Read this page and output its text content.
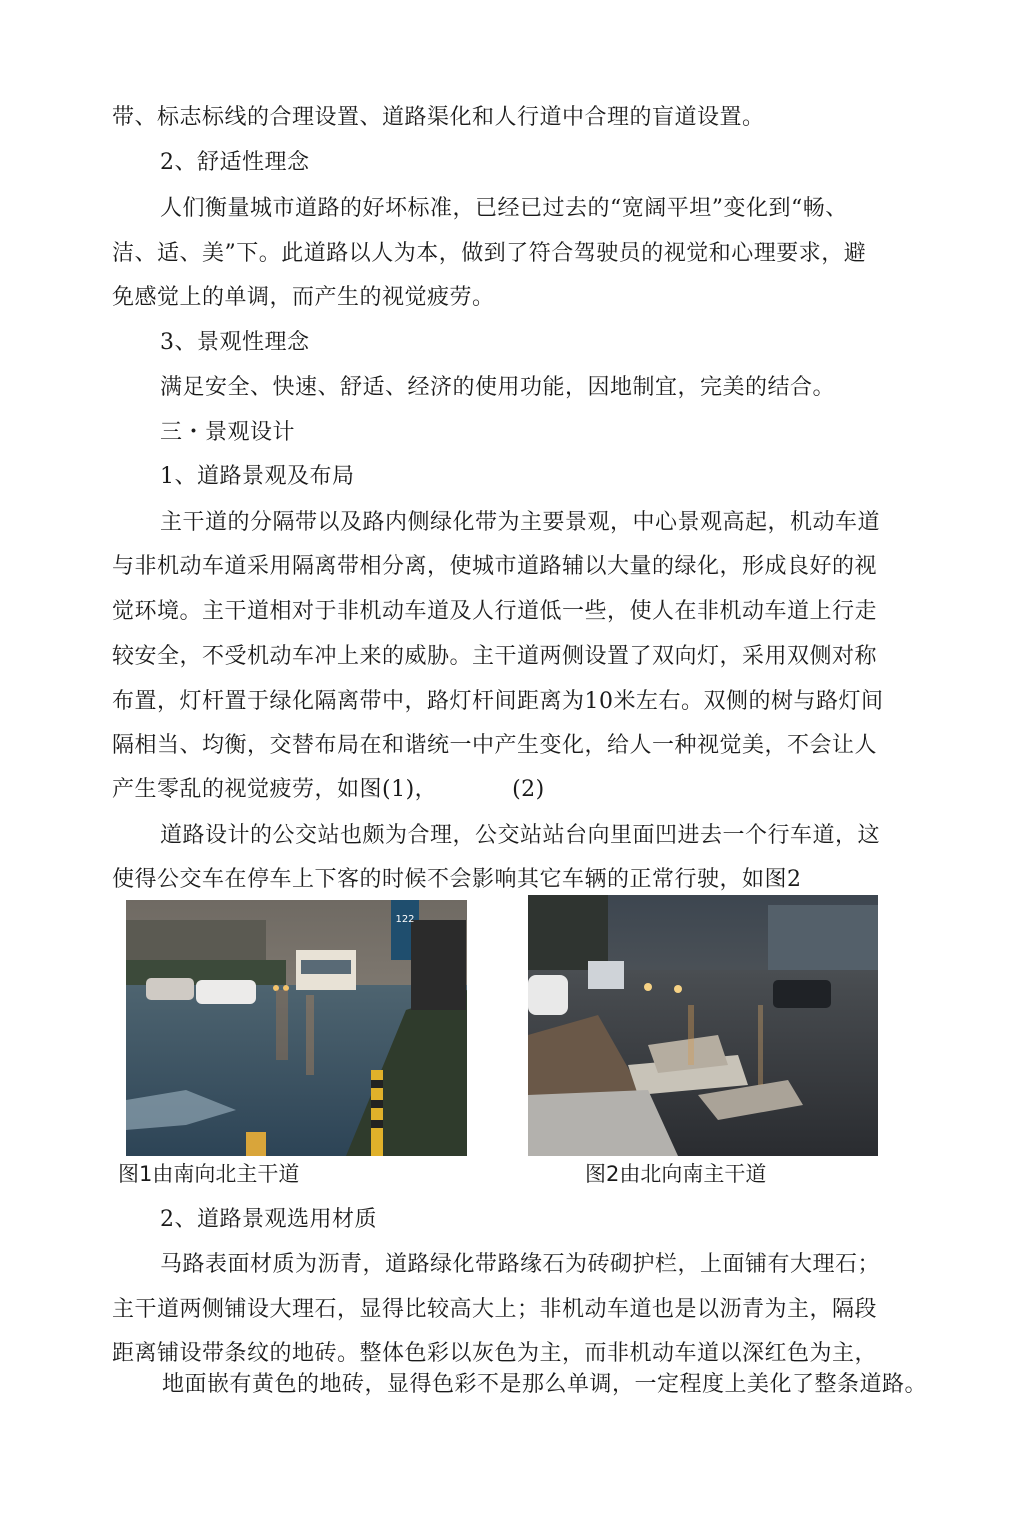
带、标志标线的合理设置、道路渠化和人行道中合理的盲道设置。
2、舒适性理念
人们衡量城市道路的好坏标准，已经已过去的“宽阔平坦”变化到“畅、
洁、适、美”下。此道路以人为本，做到了符合驾驶员的视觉和心理要求，避
免感觉上的单调，而产生的视觉疲劳。
3、景观性理念
满足安全、快速、舒适、经济的使用功能，因地制宜，完美的结合。
三・景观设计
1、道路景观及布局
主干道的分隔带以及路内侧绿化带为主要景观，中心景观高起，机动车道
与非机动车道采用隔离带相分离，使城市道路辅以大量的绿化，形成良好的视
觉环境。主干道相对于非机动车道及人行道低一些，使人在非机动车道上行走
较安全，不受机动车冲上来的威胁。主干道两侧设置了双向灯，采用双侧对称
布置，灯杆置于绿化隔离带中，路灯杆间距离为10米左右。双侧的树与路灯间
隔相当、均衡，交替布局在和谐统一中产生变化，给人一种视觉美，不会让人
产生零乱的视觉疲劳，如图(1)，          (2)
道路设计的公交站也颇为合理，公交站站台向里面凹进去一个行车道，这
使得公交车在停车上下客的时候不会影响其它车辆的正常行驶，如图2
122
图1由南向北主干道	图2由北向南主干道
2、道路景观选用材质
马路表面材质为沥青，道路绿化带路缘石为砖砌护栏，上面铺有大理石；
主干道两侧铺设大理石，显得比较高大上；非机动车道也是以沥青为主，隔段
距离铺设带条纹的地砖。整体色彩以灰色为主，而非机动车道以深红色为主，
地面嵌有黄色的地砖，显得色彩不是那么单调，一定程度上美化了整条道路。
